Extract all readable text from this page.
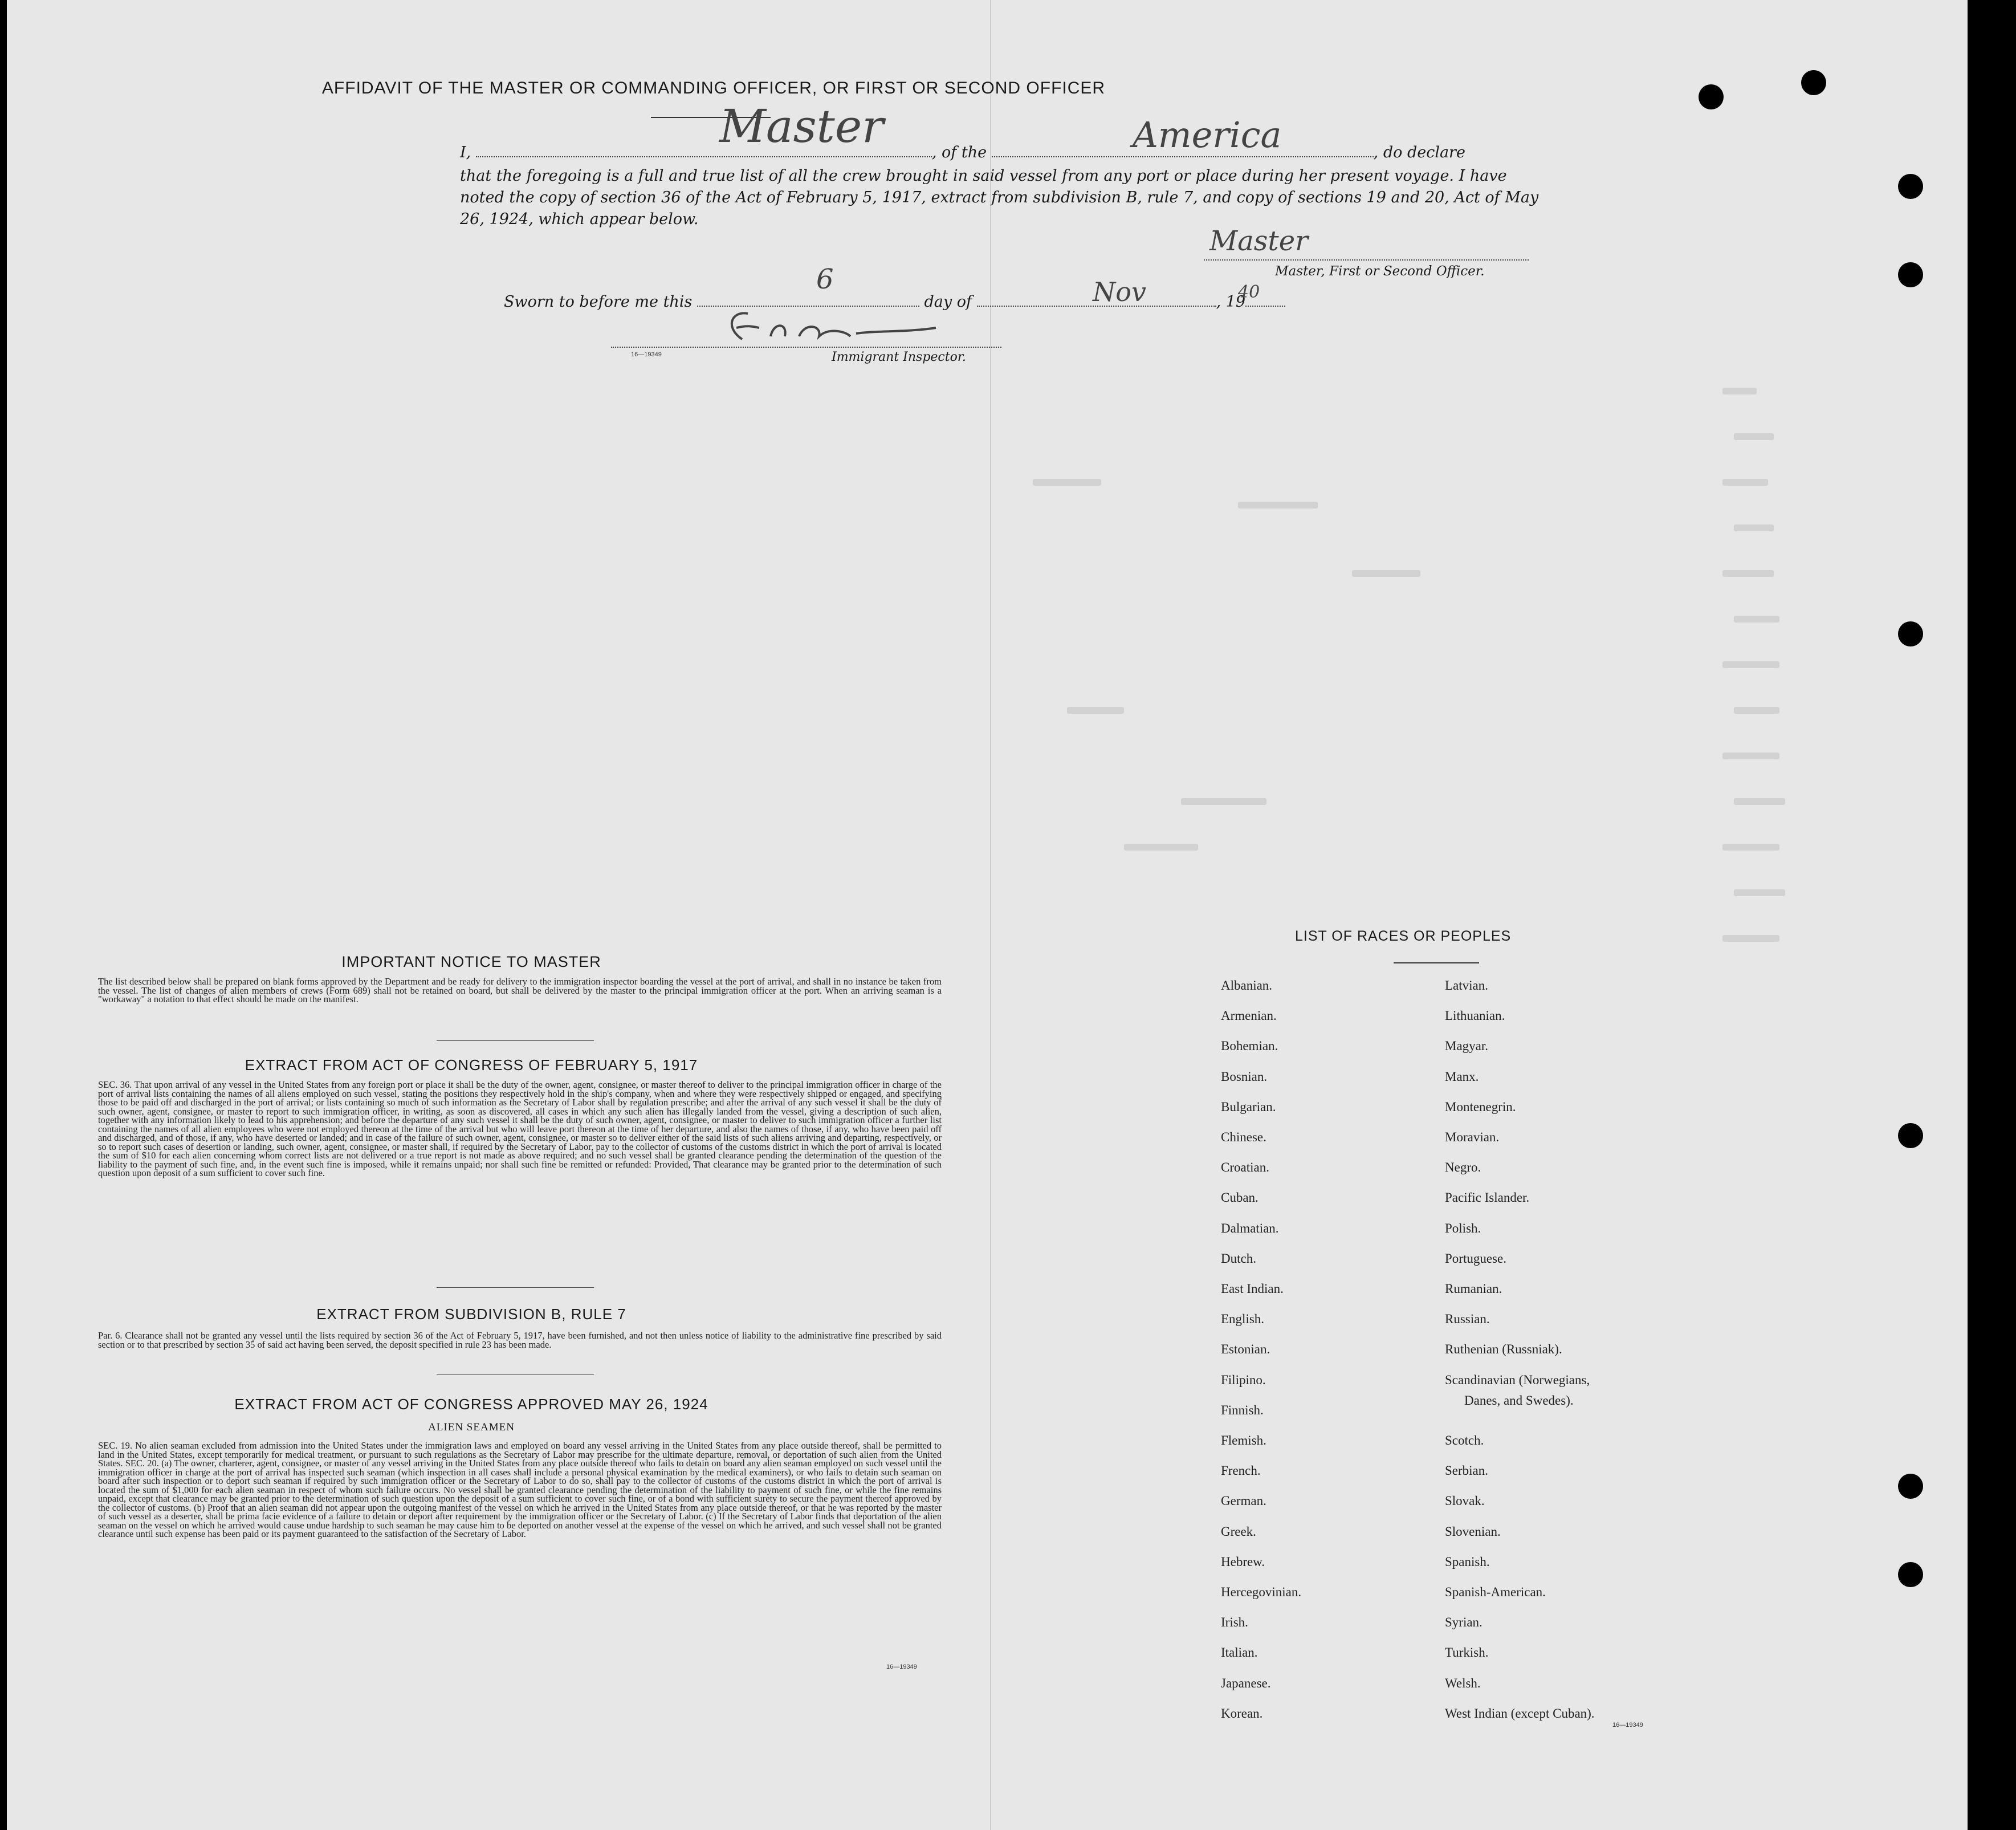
AFFIDAVIT OF THE MASTER OR COMMANDING OFFICER, OR FIRST OR SECOND OFFICER
I,	, of the	, do declare
Master	America
that the foregoing is a full and true list of all the crew brought in said vessel from any port or place during her present voyage. I have noted the copy of section 36 of the Act of February 5, 1917, extract from subdivision B, rule 7, and copy of sections 19 and 20, Act of May 26, 1924, which appear below.
Master
Master, First or Second Officer.
Sworn to before me this	day of	, 19
6	Nov	40
16—19349	Immigrant Inspector.
IMPORTANT NOTICE TO MASTER
The list described below shall be prepared on blank forms approved by the Department and be ready for delivery to the immigration inspector boarding the vessel at the port of arrival, and shall in no instance be taken from the vessel. The list of changes of alien members of crews (Form 689) shall not be retained on board, but shall be delivered by the master to the principal immigration officer at the port. When an arriving seaman is a "workaway" a notation to that effect should be made on the manifest.
EXTRACT FROM ACT OF CONGRESS OF FEBRUARY 5, 1917
SEC. 36. That upon arrival of any vessel in the United States from any foreign port or place it shall be the duty of the owner, agent, consignee, or master thereof to deliver to the principal immigration officer in charge of the port of arrival lists containing the names of all aliens employed on such vessel, stating the positions they respectively hold in the ship's company, when and where they were respectively shipped or engaged, and specifying those to be paid off and discharged in the port of arrival; or lists containing so much of such information as the Secretary of Labor shall by regulation prescribe; and after the arrival of any such vessel it shall be the duty of such owner, agent, consignee, or master to report to such immigration officer, in writing, as soon as discovered, all cases in which any such alien has illegally landed from the vessel, giving a description of such alien, together with any information likely to lead to his apprehension; and before the departure of any such vessel it shall be the duty of such owner, agent, consignee, or master to deliver to such immigration officer a further list containing the names of all alien employees who were not employed thereon at the time of the arrival but who will leave port thereon at the time of her departure, and also the names of those, if any, who have been paid off and discharged, and of those, if any, who have deserted or landed; and in case of the failure of such owner, agent, consignee, or master so to deliver either of the said lists of such aliens arriving and departing, respectively, or so to report such cases of desertion or landing, such owner, agent, consignee, or master shall, if required by the Secretary of Labor, pay to the collector of customs of the customs district in which the port of arrival is located the sum of $10 for each alien concerning whom correct lists are not delivered or a true report is not made as above required; and no such vessel shall be granted clearance pending the determination of the question of the liability to the payment of such fine, and, in the event such fine is imposed, while it remains unpaid; nor shall such fine be remitted or refunded: Provided, That clearance may be granted prior to the determination of such question upon deposit of a sum sufficient to cover such fine.
EXTRACT FROM SUBDIVISION B, RULE 7
Par. 6. Clearance shall not be granted any vessel until the lists required by section 36 of the Act of February 5, 1917, have been furnished, and not then unless notice of liability to the administrative fine prescribed by said section or to that prescribed by section 35 of said act having been served, the deposit specified in rule 23 has been made.
EXTRACT FROM ACT OF CONGRESS APPROVED MAY 26, 1924
ALIEN SEAMEN
SEC. 19. No alien seaman excluded from admission into the United States under the immigration laws and employed on board any vessel arriving in the United States from any place outside thereof, shall be permitted to land in the United States, except temporarily for medical treatment, or pursuant to such regulations as the Secretary of Labor may prescribe for the ultimate departure, removal, or deportation of such alien from the United States. SEC. 20. (a) The owner, charterer, agent, consignee, or master of any vessel arriving in the United States from any place outside thereof who fails to detain on board any alien seaman employed on such vessel until the immigration officer in charge at the port of arrival has inspected such seaman (which inspection in all cases shall include a personal physical examination by the medical examiners), or who fails to detain such seaman on board after such inspection or to deport such seaman if required by such immigration officer or the Secretary of Labor to do so, shall pay to the collector of customs of the customs district in which the port of arrival is located the sum of $1,000 for each alien seaman in respect of whom such failure occurs. No vessel shall be granted clearance pending the determination of the liability to payment of such fine, or while the fine remains unpaid, except that clearance may be granted prior to the determination of such question upon the deposit of a sum sufficient to cover such fine, or of a bond with sufficient surety to secure the payment thereof approved by the collector of customs. (b) Proof that an alien seaman did not appear upon the outgoing manifest of the vessel on which he arrived in the United States from any place outside thereof, or that he was reported by the master of such vessel as a deserter, shall be prima facie evidence of a failure to detain or deport after requirement by the immigration officer or the Secretary of Labor. (c) If the Secretary of Labor finds that deportation of the alien seaman on the vessel on which he arrived would cause undue hardship to such seaman he may cause him to be deported on another vessel at the expense of the vessel on which he arrived, and such vessel shall not be granted clearance until such expense has been paid or its payment guaranteed to the satisfaction of the Secretary of Labor.
16—19349
LIST OF RACES OR PEOPLES
Danes, and Swedes).
16—19349
Albanian.
Armenian.
Bohemian.
Bosnian.
Bulgarian.
Chinese.
Croatian.
Cuban.
Dalmatian.
Dutch.
East Indian.
English.
Estonian.
Filipino.
Finnish.
Flemish.
French.
German.
Greek.
Hebrew.
Hercegovinian.
Irish.
Italian.
Japanese.
Korean.
Latvian.
Lithuanian.
Magyar.
Manx.
Montenegrin.
Moravian.
Negro.
Pacific Islander.
Polish.
Portuguese.
Rumanian.
Russian.
Ruthenian (Russniak).
Scandinavian (Norwegians,
Scotch.
Serbian.
Slovak.
Slovenian.
Spanish.
Spanish-American.
Syrian.
Turkish.
Welsh.
West Indian (except Cuban).
